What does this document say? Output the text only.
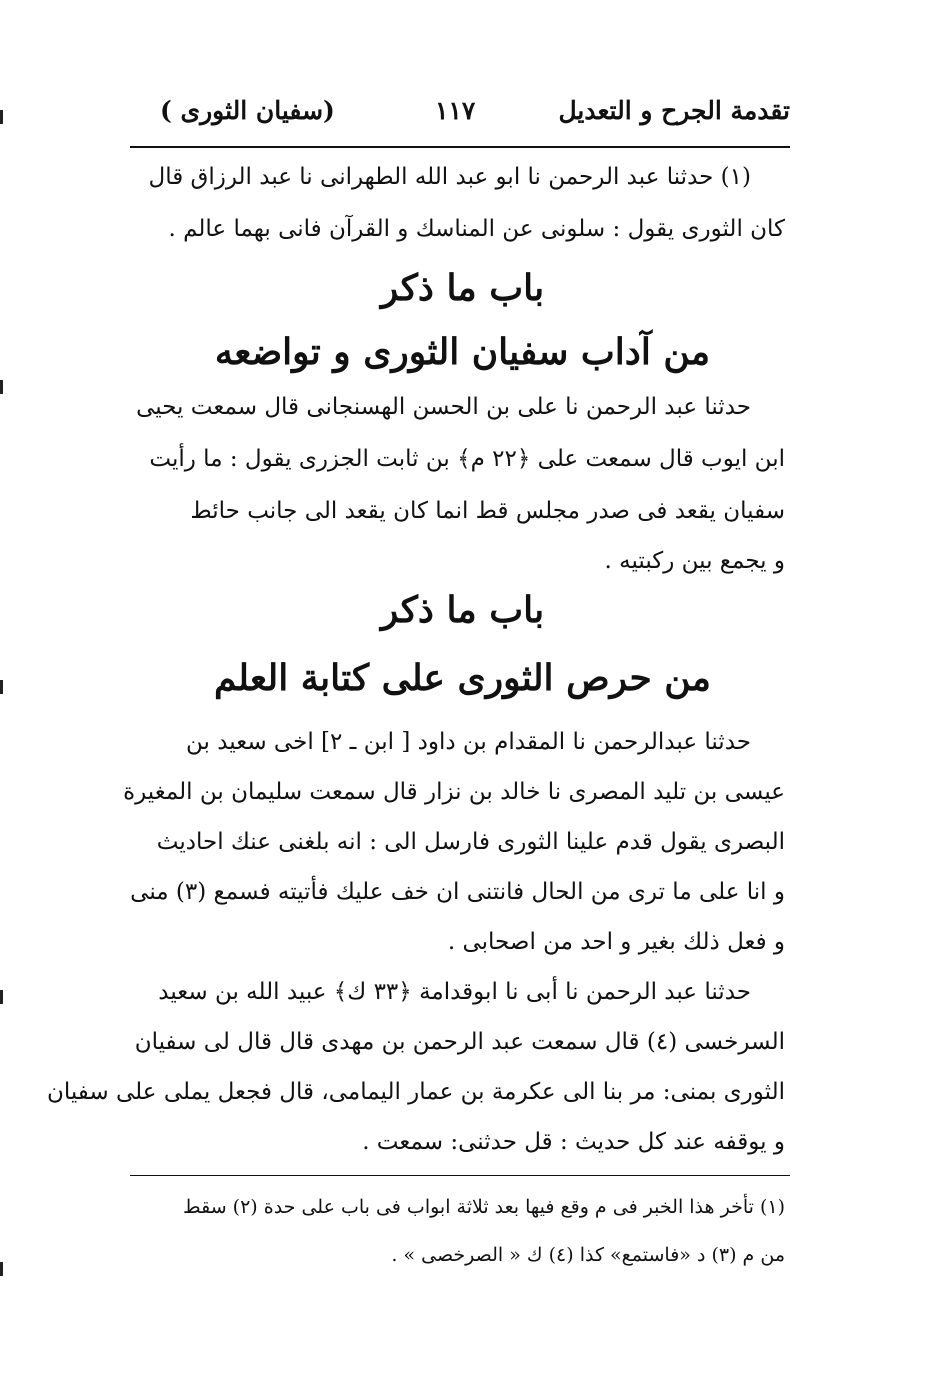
تقدمة الجرح و التعديل
١١٧
(سفيان الثورى )
(١) حدثنا عبد الرحمن نا ابو عبد الله الطهرانى نا عبد الرزاق قال
كان الثورى يقول : سلونى عن المناسك و القرآن فانى بهما عالم .
باب ما ذكر
من آداب سفيان الثورى و تواضعه
حدثنا عبد الرحمن نا على بن الحسن الهسنجانى قال سمعت يحيى
ابن ايوب قال سمعت على ﴿٢٢ م﴾ بن ثابت الجزرى يقول : ما رأيت
سفيان يقعد فى صدر مجلس قط انما كان يقعد الى جانب حائط
و يجمع بين ركبتيه .
باب ما ذكر
من حرص الثورى على كتابة العلم
حدثنا عبدالرحمن نا المقدام بن داود [ ابن ـ ٢] اخى سعيد بن
عيسى بن تليد المصرى نا خالد بن نزار قال سمعت سليمان بن المغيرة
البصرى يقول قدم علينا الثورى فارسل الى : انه بلغنى عنك احاديث
و انا على ما ترى من الحال فانتنى ان خف عليك فأتيته فسمع (٣) منى
و فعل ذلك بغير و احد من اصحابى .
حدثنا عبد الرحمن نا أبى نا ابوقدامة ﴿٣٣ ك﴾ عبيد الله بن سعيد
السرخسى (٤) قال سمعت عبد الرحمن بن مهدى قال قال لى سفيان
الثورى بمنى: مر بنا الى عكرمة بن عمار اليمامى، قال فجعل يملى على سفيان
و يوقفه عند كل حديث : قل حدثنى: سمعت .
(١) تأخر هذا الخبر فى م وقع فيها بعد ثلاثة ابواب فى باب على حدة (٢) سقط
من م (٣) د «فاستمع» كذا (٤) ك « الصرخصى » .
